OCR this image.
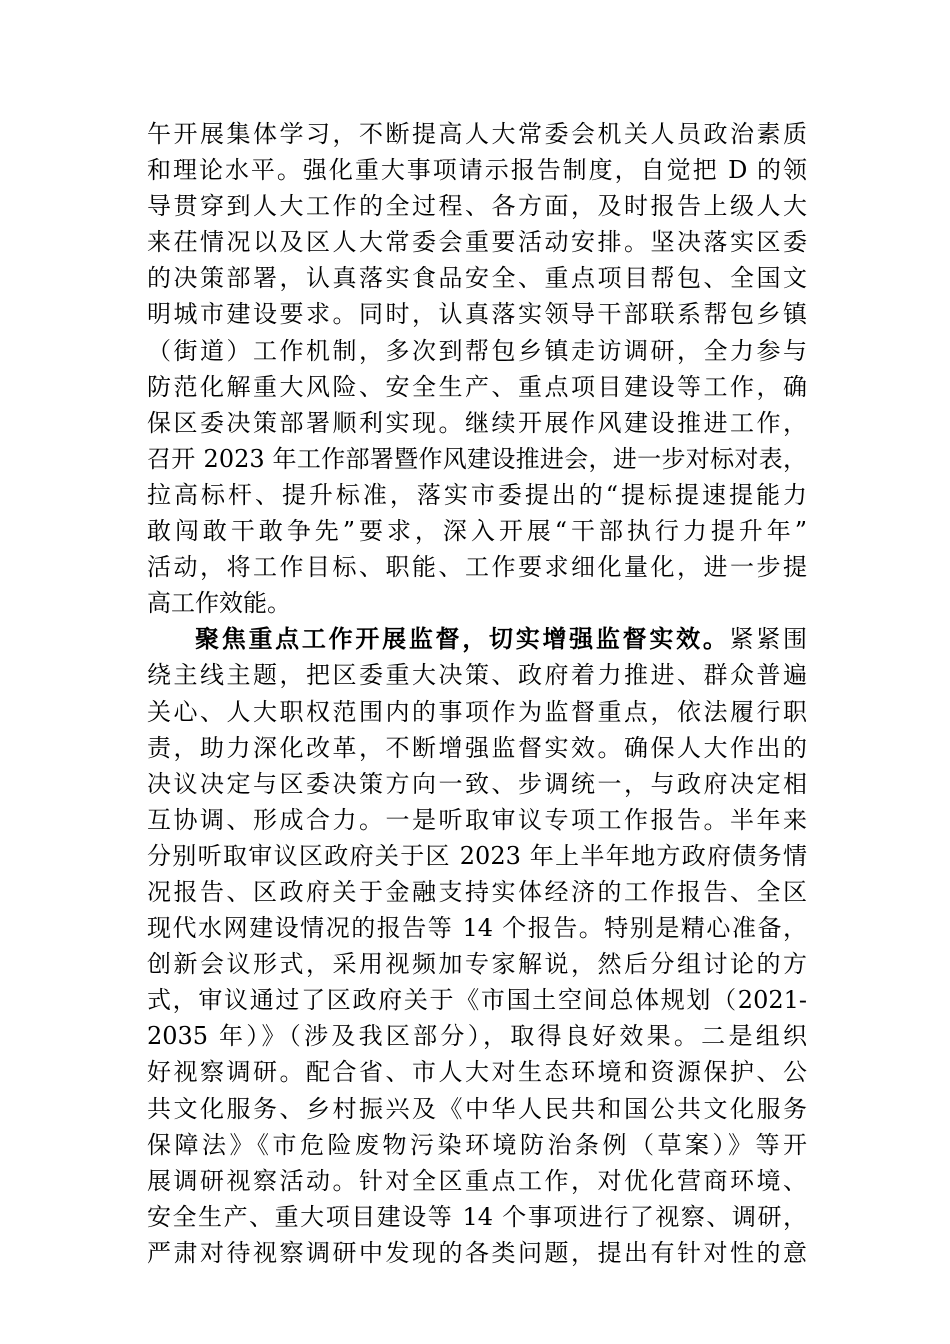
午开展集体学习，不断提高人大常委会机关人员政治素质
和理论水平。强化重大事项请示报告制度，自觉把 D 的领
导贯穿到人大工作的全过程、各方面，及时报告上级人大
来茌情况以及区人大常委会重要活动安排。坚决落实区委
的决策部署，认真落实食品安全、重点项目帮包、全国文
明城市建设要求。同时，认真落实领导干部联系帮包乡镇
（街道）工作机制，多次到帮包乡镇走访调研，全力参与
防范化解重大风险、安全生产、重点项目建设等工作，确
保区委决策部署顺利实现。继续开展作风建设推进工作，
召开 2023 年工作部署暨作风建设推进会，进一步对标对表，
拉高标杆、提升标准，落实市委提出的“提标提速提能力
敢闯敢干敢争先”要求，深入开展“干部执行力提升年”
活动，将工作目标、职能、工作要求细化量化，进一步提
高工作效能。
聚焦重点工作开展监督，切实增强监督实效。紧紧围
绕主线主题，把区委重大决策、政府着力推进、群众普遍
关心、人大职权范围内的事项作为监督重点，依法履行职
责，助力深化改革，不断增强监督实效。确保人大作出的
决议决定与区委决策方向一致、步调统一，与政府决定相
互协调、形成合力。一是听取审议专项工作报告。半年来
分别听取审议区政府关于区 2023 年上半年地方政府债务情
况报告、区政府关于金融支持实体经济的工作报告、全区
现代水网建设情况的报告等 14 个报告。特别是精心准备，
创新会议形式，采用视频加专家解说，然后分组讨论的方
式，审议通过了区政府关于《市国土空间总体规划（2021-
2035 年）》（涉及我区部分），取得良好效果。二是组织
好视察调研。配合省、市人大对生态环境和资源保护、公
共文化服务、乡村振兴及《中华人民共和国公共文化服务
保障法》《市危险废物污染环境防治条例（草案）》等开
展调研视察活动。针对全区重点工作，对优化营商环境、
安全生产、重大项目建设等 14 个事项进行了视察、调研，
严肃对待视察调研中发现的各类问题，提出有针对性的意
